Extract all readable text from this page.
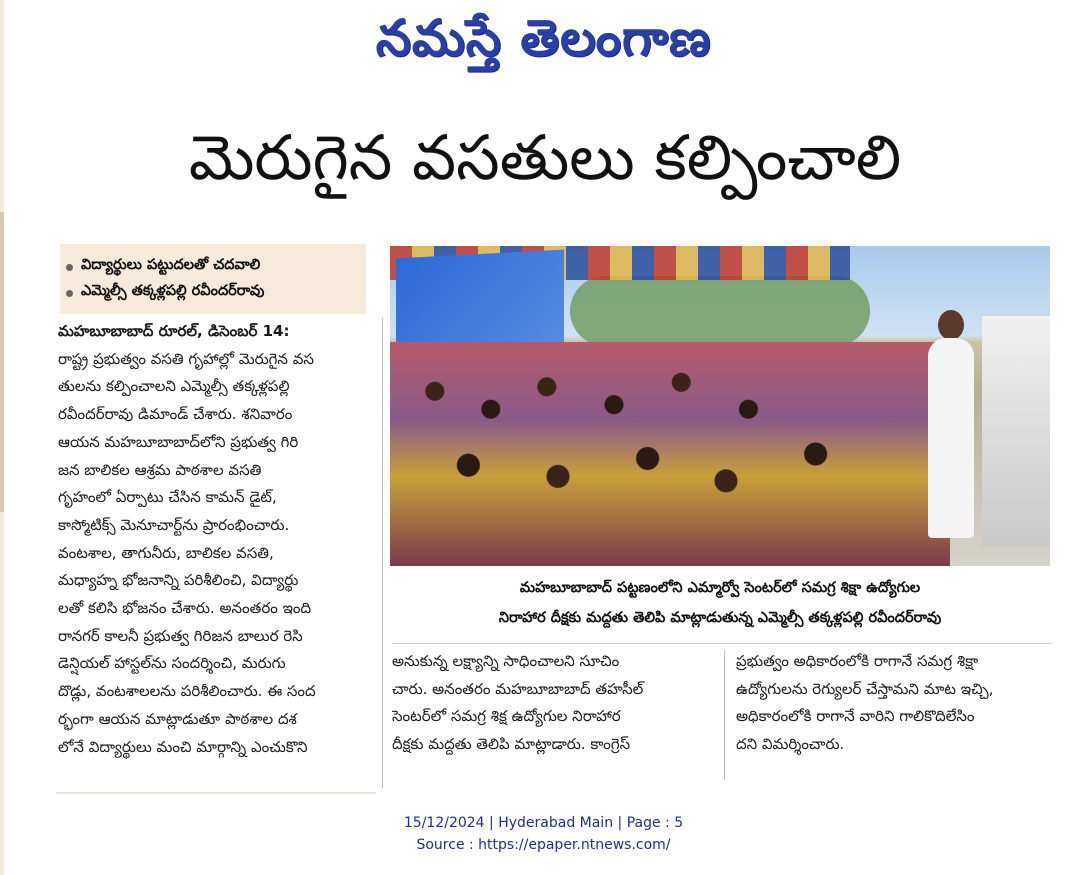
నమస్తే తెలంగాణ
మెరుగైన వసతులు కల్పించాలి
విద్యార్థులు పట్టుదలతో చదవాలి
ఎమ్మెల్సీ తక్కళ్లపల్లి రవీందర్‌రావు
మహబూబాబాద్‌ రూరల్‌, డిసెంబర్‌ 14:
రాష్ట్ర ప్రభుత్వం వసతి గృహాల్లో మెరుగైన వస
తులను కల్పించాలని ఎమ్మెల్సీ తక్కళ్లపల్లి
రవీందర్‌రావు డిమాండ్‌ చేశారు. శనివారం
ఆయన మహబూబాబాద్‌లోని ప్రభుత్వ గిరి
జన బాలికల ఆశ్రమ పాఠశాల వసతి
గృహంలో ఏర్పాటు చేసిన కామన్‌ డైట్‌,
కాస్మోటిక్స్‌ మెనూచార్ట్‌ను ప్రారంభించారు.
వంటశాల, తాగునీరు, బాలికల వసతి,
మధ్యాహ్న భోజనాన్ని పరిశీలించి, విద్యార్థు
లతో కలిసి భోజనం చేశారు. అనంతరం ఇంది
రానగర్‌ కాలనీ ప్రభుత్వ గిరిజన బాలుర రెసి
డెన్షియల్‌ హాస్టల్‌ను సందర్శించి, మరుగు
దొడ్లు, వంటశాలలను పరిశీలించారు. ఈ సంద
ర్భంగా ఆయన మాట్లాడుతూ పాఠశాల దశ
లోనే విద్యార్థులు మంచి మార్గాన్ని ఎంచుకొని
మహబూబాబాద్‌ పట్టణంలోని ఎమ్మార్వో సెంటర్‌లో సమగ్ర శిక్షా ఉద్యోగుల
నిరాహార దీక్షకు మద్దతు తెలిపి మాట్లాడుతున్న ఎమ్మెల్సీ తక్కళ్లపల్లి రవీందర్‌రావు
అనుకున్న లక్ష్యాన్ని సాధించాలని సూచిం
చారు. అనంతరం మహబూబాబాద్‌ తహసీల్‌
సెంటర్‌లో సమగ్ర శిక్ష ఉద్యోగుల నిరాహార
దీక్షకు మద్దతు తెలిపి మాట్లాడారు. కాంగ్రెస్‌
ప్రభుత్వం అధికారంలోకి రాగానే సమగ్ర శిక్షా
ఉద్యోగులను రెగ్యులర్‌ చేస్తామని మాట ఇచ్చి,
అధికారంలోకి రాగానే వారిని గాలికొదిలేసిం
దని విమర్శించారు.
15/12/2024 | Hyderabad Main | Page : 5
Source : https://epaper.ntnews.com/
